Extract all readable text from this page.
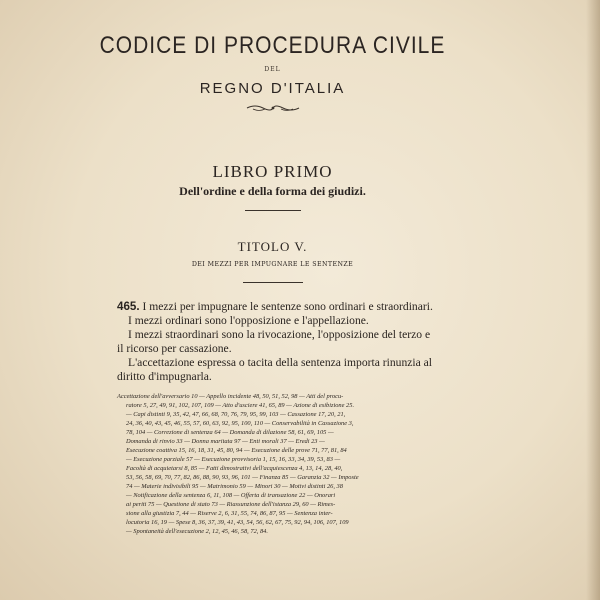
CODICE DI PROCEDURA CIVILE
DEL
REGNO D'ITALIA
LIBRO PRIMO
Dell'ordine e della forma dei giudizi.
TITOLO V.
DEI MEZZI PER IMPUGNARE LE SENTENZE
465. I mezzi per impugnare le sentenze sono ordinari e straordinari.
I mezzi ordinari sono l'opposizione e l'appellazione.
I mezzi straordinari sono la rivocazione, l'opposizione del terzo e
il ricorso per cassazione.
L'accettazione espressa o tacita della sentenza importa rinunzia al
diritto d'impugnarla.
Accettazione dell'avversario 10 — Appello incidente 48, 50, 51, 52, 98 — Atti del procu-
ratore 5, 27, 49, 91, 102, 107, 109 — Atto d'usciere 41, 65, 89 — Azione di esibizione 25.
— Capi distinti 9, 35, 42, 47, 66, 68, 70, 76, 79, 95, 99, 103 — Cassazione 17, 20, 21,
24, 36, 40, 43, 45, 46, 55, 57, 60, 63, 92, 95, 100, 110 — Conservabilità in Cassazione 3,
78, 104 — Correzione di sentenza 64 — Domanda di dilazione 58, 61, 69, 105 —
Domanda di rinvio 33 — Donna maritata 97 — Enti morali 37 — Eredi 23 —
Esecuzione coattiva 15, 16, 18, 31, 45, 80, 94 — Esecuzione delle prove 71, 77, 81, 84
— Esecuzione parziale 57 — Esecuzione provvisoria 1, 15, 16, 33, 34, 39, 53, 83 —
Facoltà di acquietarsi 8, 85 — Fatti dimostrativi dell'acquiescenza 4, 13, 14, 28, 40,
53, 56, 58, 69, 70, 77, 82, 86, 88, 90, 93, 96, 101 — Finanza 85 — Garanzia 32 — Imposte
74 — Materie indivisibili 95 — Matrimonio 59 — Minori 30 — Motivi distinti 26, 38
— Notificazione della sentenza 6, 11, 108 — Offerta di transazione 22 — Onorari
ai periti 75 — Questione di stato 73 — Riassunzione dell'istanza 29, 60 — Rimes-
sione alla giustizia 7, 44 — Riserve 2, 6, 31, 55, 74, 86, 87, 95 — Sentenza inter-
locutoria 16, 19 — Spese 8, 36, 37, 39, 41, 43, 54, 56, 62, 67, 75, 92, 94, 106, 107, 109
— Spontaneità dell'esecuzione 2, 12, 45, 46, 58, 72, 84.
